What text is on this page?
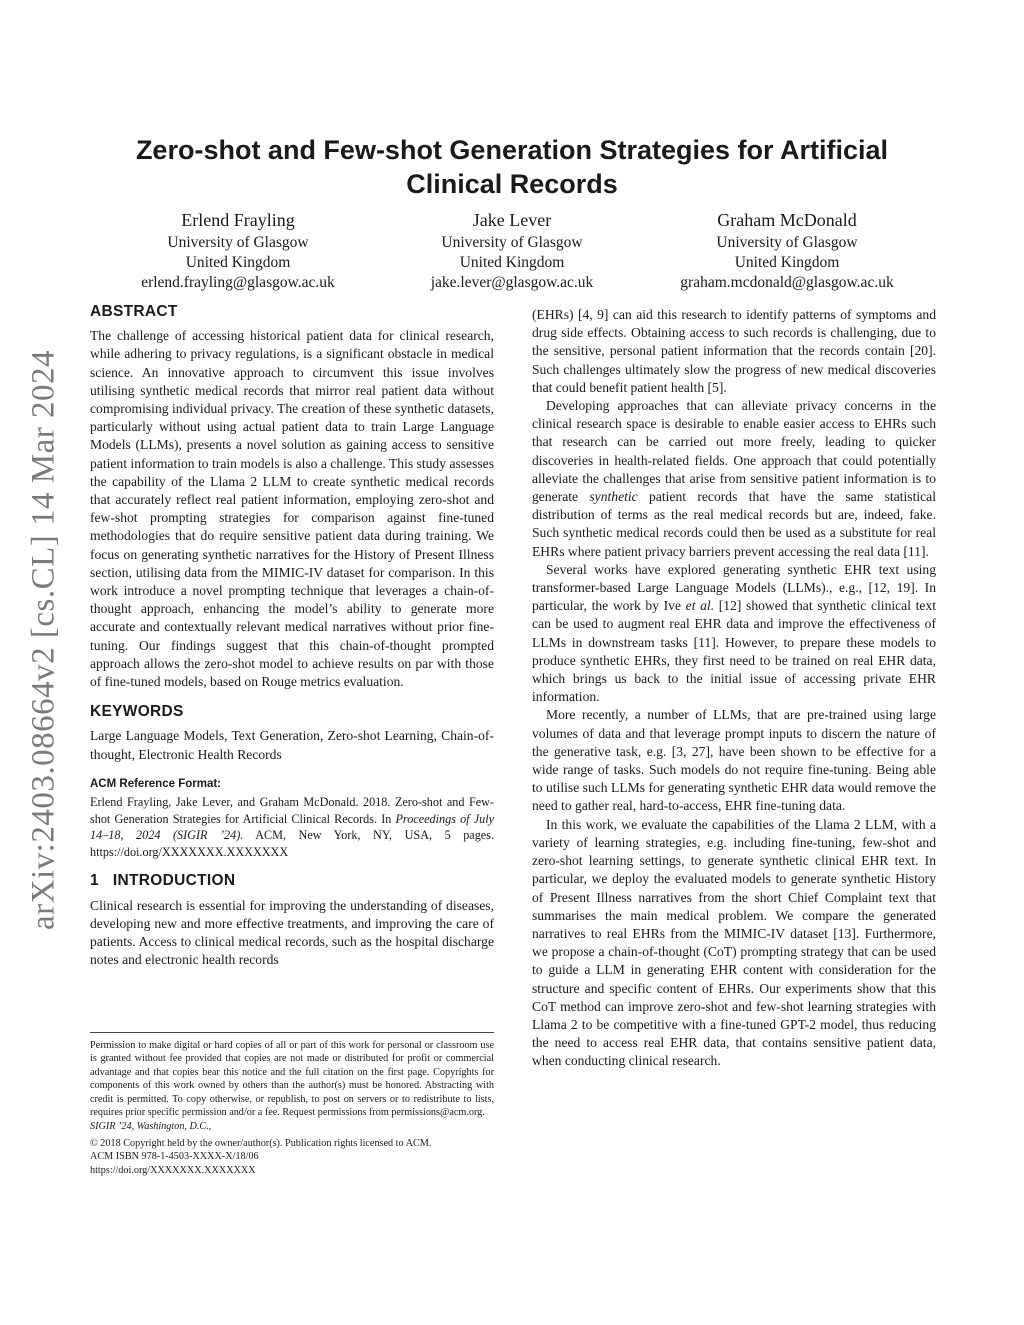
arXiv:2403.08664v2 [cs.CL] 14 Mar 2024
Zero-shot and Few-shot Generation Strategies for Artificial Clinical Records
Erlend Frayling
University of Glasgow
United Kingdom
erlend.frayling@glasgow.ac.uk
Jake Lever
University of Glasgow
United Kingdom
jake.lever@glasgow.ac.uk
Graham McDonald
University of Glasgow
United Kingdom
graham.mcdonald@glasgow.ac.uk
ABSTRACT

The challenge of accessing historical patient data for clinical research, while adhering to privacy regulations, is a significant obstacle in medical science. An innovative approach to circumvent this issue involves utilising synthetic medical records that mirror real patient data without compromising individual privacy. The creation of these synthetic datasets, particularly without using actual patient data to train Large Language Models (LLMs), presents a novel solution as gaining access to sensitive patient information to train models is also a challenge. This study assesses the capability of the Llama 2 LLM to create synthetic medical records that accurately reflect real patient information, employing zero-shot and few-shot prompting strategies for comparison against fine-tuned methodologies that do require sensitive patient data during training. We focus on generating synthetic narratives for the History of Present Illness section, utilising data from the MIMIC-IV dataset for comparison. In this work introduce a novel prompting technique that leverages a chain-of-thought approach, enhancing the model’s ability to generate more accurate and contextually relevant medical narratives without prior fine-tuning. Our findings suggest that this chain-of-thought prompted approach allows the zero-shot model to achieve results on par with those of fine-tuned models, based on Rouge metrics evaluation.

KEYWORDS

Large Language Models, Text Generation, Zero-shot Learning, Chain-of-thought, Electronic Health Records

ACM Reference Format:

Erlend Frayling, Jake Lever, and Graham McDonald. 2018. Zero-shot and Few-shot Generation Strategies for Artificial Clinical Records. In Proceedings of July 14–18, 2024 (SIGIR ’24). ACM, New York, NY, USA, 5 pages. https://doi.org/XXXXXXX.XXXXXXX

1 INTRODUCTION

Clinical research is essential for improving the understanding of diseases, developing new and more effective treatments, and improving the care of patients. Access to clinical medical records, such as the hospital discharge notes and electronic health records

Permission to make digital or hard copies of all or part of this work for personal or classroom use is granted without fee provided that copies are not made or distributed for profit or commercial advantage and that copies bear this notice and the full citation on the first page. Copyrights for components of this work owned by others than the author(s) must be honored. Abstracting with credit is permitted. To copy otherwise, or republish, to post on servers or to redistribute to lists, requires prior specific permission and/or a fee. Request permissions from permissions@acm.org.

SIGIR ’24, Washington, D.C.,

© 2018 Copyright held by the owner/author(s). Publication rights licensed to ACM.

ACM ISBN 978-1-4503-XXXX-X/18/06

https://doi.org/XXXXXXX.XXXXXXX

(EHRs) [4, 9] can aid this research to identify patterns of symptoms and drug side effects. Obtaining access to such records is challenging, due to the sensitive, personal patient information that the records contain [20]. Such challenges ultimately slow the progress of new medical discoveries that could benefit patient health [5].

Developing approaches that can alleviate privacy concerns in the clinical research space is desirable to enable easier access to EHRs such that research can be carried out more freely, leading to quicker discoveries in health-related fields. One approach that could potentially alleviate the challenges that arise from sensitive patient information is to generate synthetic patient records that have the same statistical distribution of terms as the real medical records but are, indeed, fake. Such synthetic medical records could then be used as a substitute for real EHRs where patient privacy barriers prevent accessing the real data [11].

Several works have explored generating synthetic EHR text using transformer-based Large Language Models (LLMs)., e.g., [12, 19]. In particular, the work by Ive et al. [12] showed that synthetic clinical text can be used to augment real EHR data and improve the effectiveness of LLMs in downstream tasks [11]. However, to prepare these models to produce synthetic EHRs, they first need to be trained on real EHR data, which brings us back to the initial issue of accessing private EHR information.

More recently, a number of LLMs, that are pre-trained using large volumes of data and that leverage prompt inputs to discern the nature of the generative task, e.g. [3, 27], have been shown to be effective for a wide range of tasks. Such models do not require fine-tuning. Being able to utilise such LLMs for generating synthetic EHR data would remove the need to gather real, hard-to-access, EHR fine-tuning data.

In this work, we evaluate the capabilities of the Llama 2 LLM, with a variety of learning strategies, e.g. including fine-tuning, few-shot and zero-shot learning settings, to generate synthetic clinical EHR text. In particular, we deploy the evaluated models to generate synthetic History of Present Illness narratives from the short Chief Complaint text that summarises the main medical problem. We compare the generated narratives to real EHRs from the MIMIC-IV dataset [13]. Furthermore, we propose a chain-of-thought (CoT) prompting strategy that can be used to guide a LLM in generating EHR content with consideration for the structure and specific content of EHRs. Our experiments show that this CoT method can improve zero-shot and few-shot learning strategies with Llama 2 to be competitive with a fine-tuned GPT-2 model, thus reducing the need to access real EHR data, that contains sensitive patient data, when conducting clinical research.
